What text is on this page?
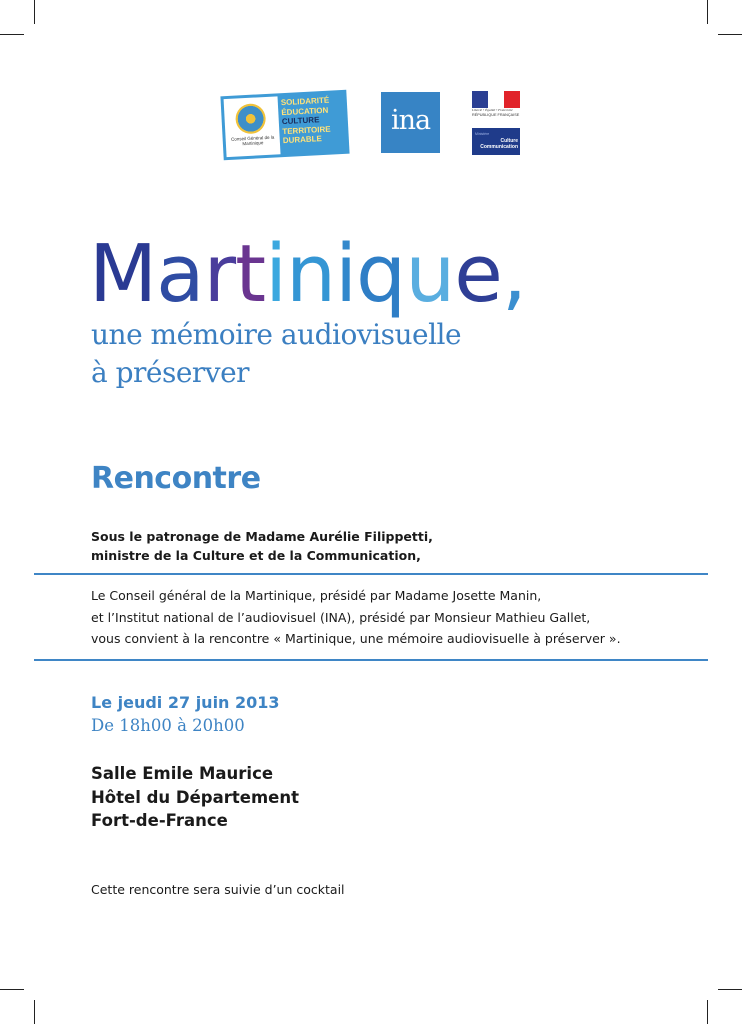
Conseil Général de la Martinique
SOLIDARITÉ
ÉDUCATION
CULTURE
TERRITOIRE
DURABLE
ina	Liberté • Égalité • Fraternité
RÉPUBLIQUE FRANÇAISE
Ministère
Culture
Communication
Martinique,
une mémoire audiovisuelle
à préserver
Rencontre
Sous le patronage de Madame Aurélie Filippetti,
ministre de la Culture et de la Communication,
Le Conseil général de la Martinique, présidé par Madame Josette Manin,
et l’Institut national de l’audiovisuel (INA), présidé par Monsieur Mathieu Gallet,
vous convient à la rencontre « Martinique, une mémoire audiovisuelle à préserver ».
Le jeudi 27 juin 2013
De 18h00 à 20h00
Salle Emile Maurice
Hôtel du Département
Fort-de-France
Cette rencontre sera suivie d’un cocktail
